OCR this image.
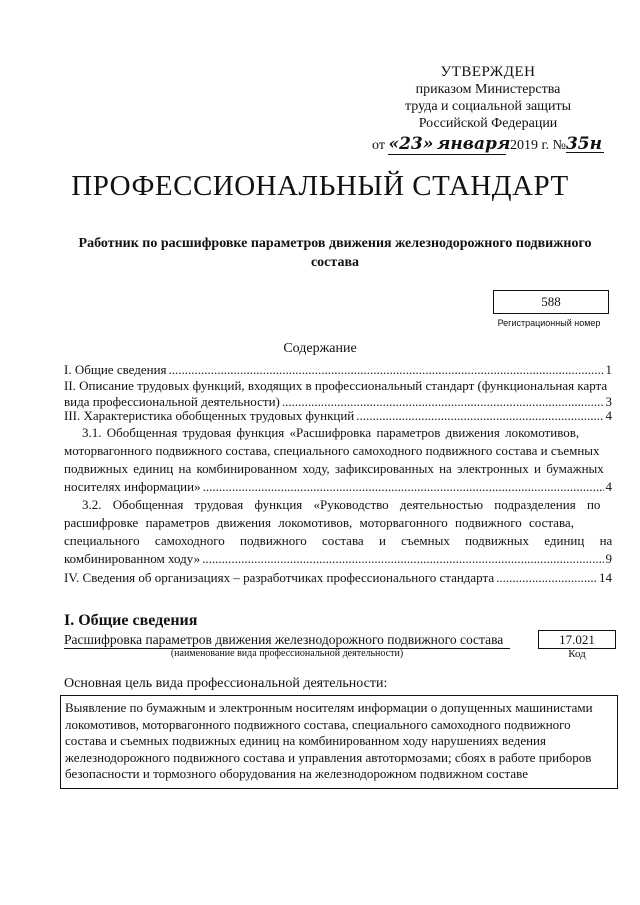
УТВЕРЖДЕН
приказом Министерства
труда и социальной защиты
Российской Федерации
от «23» января 2019 г. №35н
ПРОФЕССИОНАЛЬНЫЙ СТАНДАРТ
Работник по расшифровке параметров движения железнодорожного подвижного состава
588
Регистрационный номер
Содержание
I. Общие сведения .....	1
II. Описание трудовых функций, входящих в профессиональный стандарт (функциональная карта
вида профессиональной деятельности) .....	3
III. Характеристика обобщенных трудовых функций .....	4
3.1. Обобщенная трудовая функция «Расшифровка параметров движения локомотивов,
моторвагонного подвижного состава, специального самоходного подвижного состава и съемных
подвижных единиц на комбинированном ходу, зафиксированных на электронных и бумажных
носителях информации» .....	4
3.2. Обобщенная трудовая функция «Руководство деятельностью подразделения по
расшифровке параметров движения локомотивов, моторвагонного подвижного состава,
специального самоходного подвижного состава и съемных подвижных единиц на
комбинированном ходу» .....	9
IV. Сведения об организациях – разработчиках профессионального стандарта .....	14
I. Общие сведения
Расшифровка параметров движения железнодорожного подвижного состава	17.021
(наименование вида профессиональной деятельности)	Код
Основная цель вида профессиональной деятельности:
Выявление по бумажным и электронным носителям информации о допущенных машинистами
локомотивов, моторвагонного подвижного состава, специального самоходного подвижного
состава и съемных подвижных единиц на комбинированном ходу нарушениях ведения
железнодорожного подвижного состава и управления автотормозами; сбоях в работе приборов
безопасности и тормозного оборудования на железнодорожном подвижном составе
